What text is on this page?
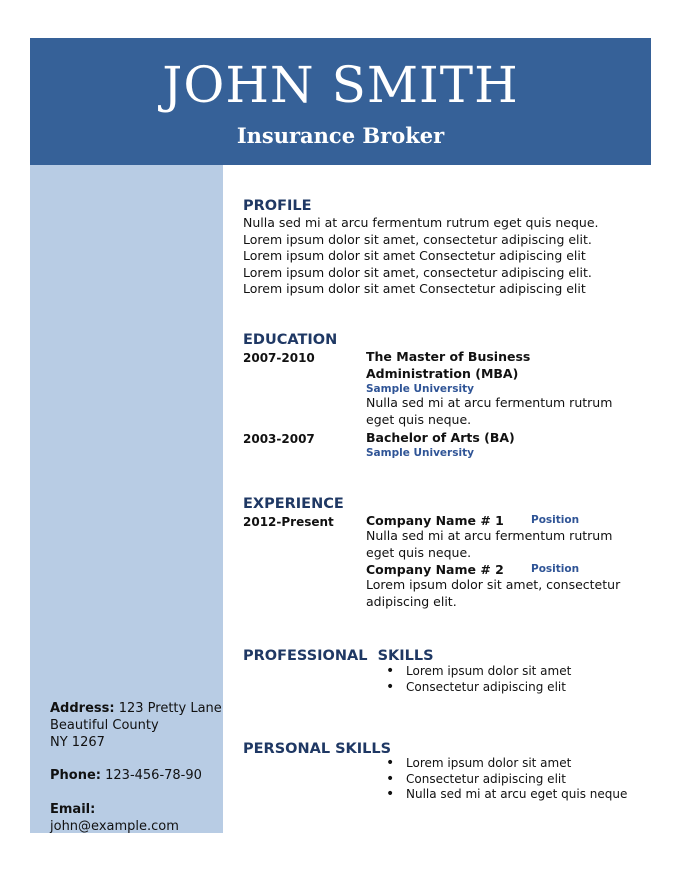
JOHN SMITH
Insurance Broker
Address: 123 Pretty Lane
Beautiful County
NY 1267
Phone: 123-456-78-90
Email:
john@example.com
PROFILE
Nulla sed mi at arcu fermentum rutrum eget quis neque.
Lorem ipsum dolor sit amet, consectetur adipiscing elit.
Lorem ipsum dolor sit amet Consectetur adipiscing elit
Lorem ipsum dolor sit amet, consectetur adipiscing elit.
Lorem ipsum dolor sit amet Consectetur adipiscing elit
EDUCATION
2007-2010	The Master of Business Administration (MBA)
Sample University
Nulla sed mi at arcu fermentum rutrum eget quis neque.
2003-2007	Bachelor of Arts (BA)
Sample University
EXPERIENCE
2012-Present	Company Name # 1	Position
Nulla sed mi at arcu fermentum rutrum eget quis neque.
Company Name # 2	Position
Lorem ipsum dolor sit amet, consectetur adipiscing elit.
PROFESSIONAL  SKILLS
• Lorem ipsum dolor sit amet
• Consectetur adipiscing elit
PERSONAL SKILLS
• Lorem ipsum dolor sit amet
• Consectetur adipiscing elit
• Nulla sed mi at arcu eget quis neque
